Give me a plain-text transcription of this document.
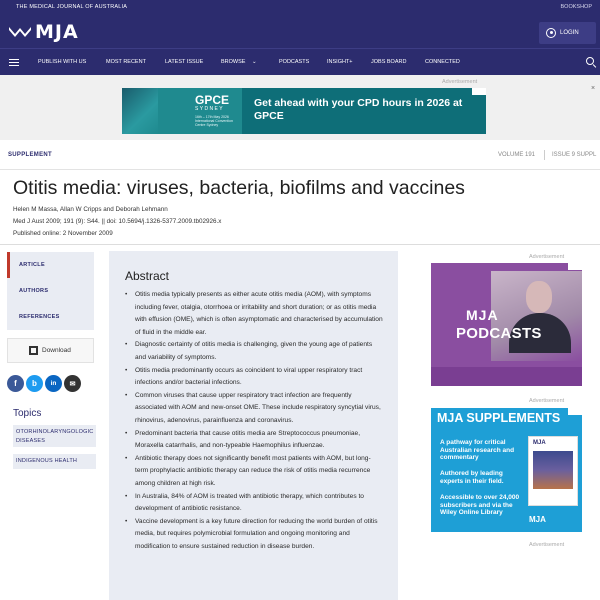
THE MEDICAL JOURNAL OF AUSTRALIA	BOOKSHOP
MJA	LOGIN
PUBLISH WITH US	MOST RECENT	LATEST ISSUE	BROWSE ⌄	PODCASTS	INSIGHT+	JOBS BOARD	CONNECTED
Advertisement
×
GPCE
SYDNEY
16th – 17th May 2026 International Convention Centre Sydney
Get ahead with your CPD hours in 2026 at GPCE
SUPPLEMENT	VOLUME 191	ISSUE 9 SUPPL
Otitis media: viruses, bacteria, biofilms and vaccines
Helen M Massa, Allan W Cripps and Deborah Lehmann
Med J Aust 2009; 191 (9): S44. || doi: 10.5694/j.1326-5377.2009.tb02926.x
Published online: 2 November 2009
ARTICLE
AUTHORS
REFERENCES
Download
f	b	in	✉
Topics
OTORHINOLARYNGOLOGIC DISEASES
INDIGENOUS HEALTH
Abstract
• Otitis media typically presents as either acute otitis media (AOM), with symptoms including fever, otalgia, otorrhoea or irritability and short duration; or as otitis media with effusion (OME), which is often asymptomatic and characterised by accumulation of fluid in the middle ear.
• Diagnostic certainty of otitis media is challenging, given the young age of patients and variability of symptoms.
• Otitis media predominantly occurs as coincident to viral upper respiratory tract infections and/or bacterial infections.
• Common viruses that cause upper respiratory tract infection are frequently associated with AOM and new-onset OME. These include respiratory syncytial virus, rhinovirus, adenovirus, parainfluenza and coronavirus.
• Predominant bacteria that cause otitis media are Streptococcus pneumoniae, Moraxella catarrhalis, and non-typeable Haemophilus influenzae.
• Antibiotic therapy does not significantly benefit most patients with AOM, but long-term prophylactic antibiotic therapy can reduce the risk of otitis media recurrence among children at high risk.
• In Australia, 84% of AOM is treated with antibiotic therapy, which contributes to development of antibiotic resistance.
• Vaccine development is a key future direction for reducing the world burden of otitis media, but requires polymicrobial formulation and ongoing monitoring and modification to ensure sustained reduction in disease burden.
Advertisement
MJA
PODCASTS
Advertisement
MJA SUPPLEMENTS
A pathway for critical Australian research and commentary
Authored by leading experts in their field.
Accessible to over 24,000 subscribers and via the Wiley Online Library
MJA
MJA
Advertisement
